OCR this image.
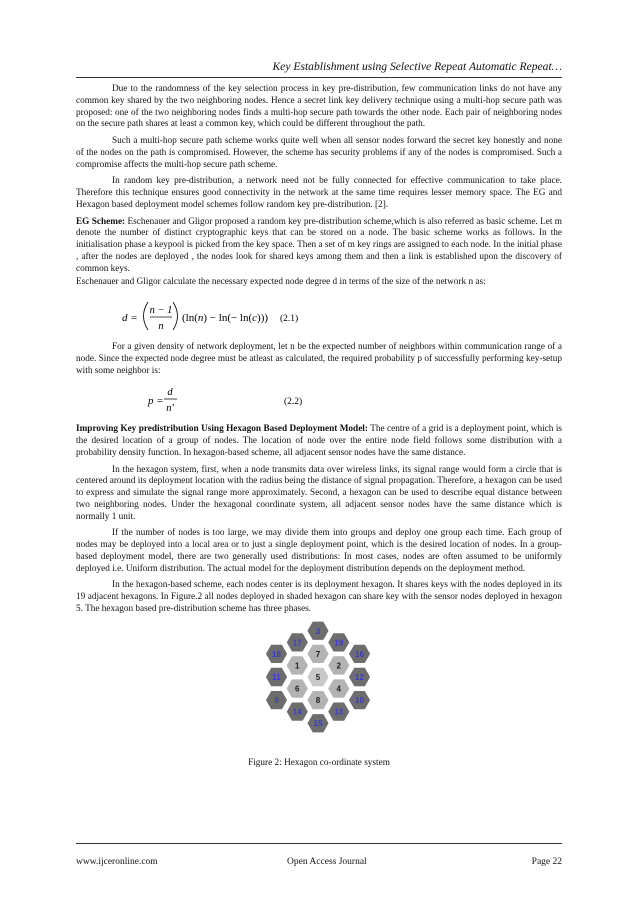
Key Establishment using Selective Repeat Automatic Repeat…

Due to the randomness of the key selection process in key pre-distribution, few communication links do not have any common key shared by the two neighboring nodes. Hence a secret link key delivery technique using a multi-hop secure path was proposed: one of the two neighboring nodes finds a multi-hop secure path towards the other node. Each pair of neighboring nodes on the secure path shares at least a common key, which could be different throughout the path.

Such a multi-hop secure path scheme works quite well when all sensor nodes forward the secret key honestly and none of the nodes on the path is compromised. However, the scheme has security problems if any of the nodes is compromised. Such a compromise affects the multi-hop secure path scheme.

In random key pre-distribution, a network need not be fully connected for effective communication to take place. Therefore this technique ensures good connectivity in the network at the same time requires lesser memory space. The EG and Hexagon based deployment model schemes follow random key pre-distribution. [2].

EG Scheme: Eschenauer and Gligor proposed a random key pre-distribution scheme,which is also referred as basic scheme. Let m denote the number of distinct cryptographic keys that can be stored on a node. The basic scheme works as follows. In the initialisation phase a keypool is picked from the key space. Then a set of m key rings are assigned to each node. In the initial phase , after the nodes are deployed , the nodes look for shared keys among them and then a link is established upon the discovery of common keys.

Eschenauer and Gligor calculate the necessary expected node degree d in terms of the size of the network n as:

d =
n − 1
n
(ln(n) − ln(− ln(c))) (2.1)

For a given density of network deployment, let n be the expected number of neighbors within communication range of a node. Since the expected node degree must be atleast as calculated, the required probability p of successfully performing key-setup with some neighbor is:

p =
d
n'
(2.2)

Improving Key predistribution Using Hexagon Based Deployment Model: The centre of a grid is a deployment point, which is the desired location of a group of nodes. The location of node over the entire node field follows some distribution with a probability density function. In hexagon-based scheme, all adjacent sensor nodes have the same distance.

In the hexagon system, first, when a node transmits data over wireless links, its signal range would form a circle that is centered around its deployment location with the radius being the distance of signal propagation. Therefore, a hexagon can be used to express and simulate the signal range more approximately. Second, a hexagon can be used to describe equal distance between two neighboring nodes. Under the hexagonal coordinate system, all adjacent sensor nodes have the same distance which is normally 1 unit.

If the number of nodes is too large, we may divide them into groups and deploy one group each time. Each group of nodes may be deployed into a local area or to just a single deployment point, which is the desired location of nodes. In a group-based deployment model, there are two generally used distributions: In most cases, nodes are often assumed to be uniformly deployed i.e. Uniform distribution. The actual model for the deployment distribution depends on the deployment method.

In the hexagon-based scheme, each nodes center is its deployment hexagon. It shares keys with the nodes deployed in its 19 adjacent hexagons. In Figure.2 all nodes deployed in shaded hexagon can share key with the sensor nodes deployed in hexagon 5. The hexagon based pre-distribution scheme has three phases.

3
17	19
18	7	16
1	2
11	5	12
6	4
9	8	10
14	13
15
Figure 2: Hexagon co-ordinate system
www.ijceronline.com	Open Access Journal	Page 22
